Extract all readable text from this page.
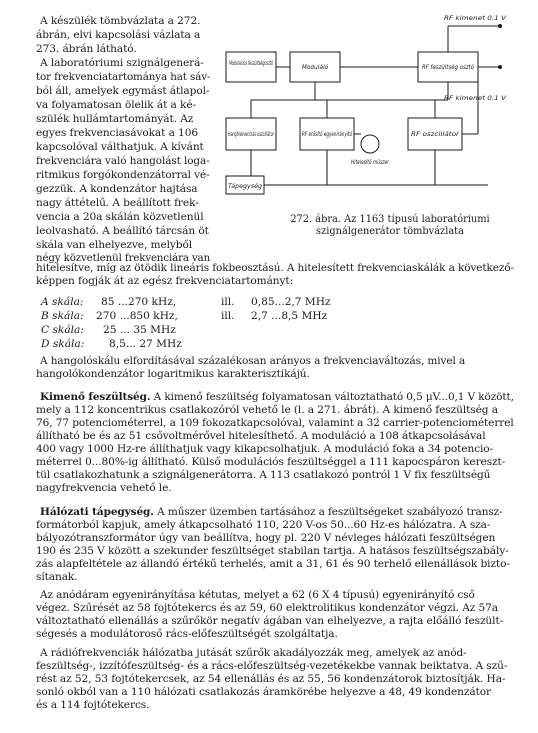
A készülék tömbvázlata a 272.
ábrán, elvi kapcsolási vázlata a
273. ábrán látható.
A laboratóriumi szignálgenerá-
tor frekvenciatartománya hat sáv-
ból áll, amelyek egymást átlapol-
va folyamatosan ölelik át a ké-
szülék hullámtartományát. Az
egyes frekvenciasávokat a 106
kapcsolóval válthatjuk. A kívánt
frekvenciára való hangolást loga-
ritmikus forgókondenzátorral vé-
gezzük. A kondenzátor hajtása
nagy áttételű. A beállított frek-
vencia a 20a skálán közvetlenül
leolvasható. A beállító tárcsán öt
skála van elhelyezve, melyből
négy közvetlenül frekvenciára van
Modulációs feszültségosztó
Moduláló	RF feszültség osztó
Hangfrekvenciás oszcillátor
RF erősítő egyenirányító	RF oszcillátor
Tápegység
Hitelesítő műszer
RF kimenet 0.1 V
RF kimenet 0.1 V
272. ábra. Az 1163 típusú laboratóriumi szignálgenerátor tömbvázlata
hitelesítve, míg az ötödik lineáris fokbeosztású. A hitelesített frekvenciaskálák a következő-
képpen fogják át az egész frekvenciatartományt:
A skála: 85 ...270 kHz,	ill. 0,85...2,7 MHz
B skála: 270 ...850 kHz,	ill. 2,7 ...8,5 MHz
C skála: 25 ... 35 MHz
D skála: 8,5... 27 MHz
A hangolóskálu elfordításával százalékosan arányos a frekvenciaváltozás, mivel a
hangolókondenzátor logaritmikus karakterisztikájú.
Kimenő feszültség. A kimenő feszültség folyamatosan változtatható 0,5 μV...0,1 V között,
mely a 112 koncentrikus csatlakozóról vehető le (l. a 271. ábrát). A kimenő feszültség a
76, 77 potenciométerrel, a 109 fokozatkapcsolóval, valamint a 32 carrier-potenciométerrel
állítható be és az 51 csővoltmérővel hitelesíthető. A moduláció a 108 átkapcsolásával
400 vagy 1000 Hz-re állíthatjuk vagy kikapcsolhatjuk. A moduláció foka a 34 potencio-
méterrel 0...80%-ig állítható. Külső modulációs feszültséggel a 111 kapocspáron kereszt-
tül csatlakozhatunk a szignálgenerátorra. A 113 csatlakozó pontról 1 V fix feszültségű
nagyfrekvencia vehető le.
Hálózati tápegység. A műszer üzemben tartásához a feszültségeket szabályozó transz-
formátorból kapjuk, amely átkapcsolható 110, 220 V-os 50...60 Hz-es hálózatra. A sza-
bályozótranszformátor úgy van beállítva, hogy pl. 220 V névleges hálózati feszültségen
190 és 235 V között a szekunder feszültséget stabilan tartja. A hatásos feszültségszabály-
zás alapfeltétele az állandó értékű terhelés, amit a 31, 61 és 90 terhelő ellenállások bizto-
sítanak.
Az anódáram egyenirányítása kétutas, melyet a 62 (6 X 4 típusú) egyenirányító cső
végez. Szűrését az 58 fojtótekercs és az 59, 60 elektrolitikus kondenzátor végzi. Az 57a
változtatható ellenállás a szűrőkör negatív ágában van elhelyezve, a rajta előálló feszült-
ségesés a modulátoroső rács-előfeszültségét szolgáltatja.
A rádiófrekvenciák hálózatba jutását szűrők akadályozzák meg, amelyek az anód-
feszültség-, izzítófeszültség- és a rács-előfeszültség-vezetékekbe vannak beiktatva. A szű-
rést az 52, 53 fojtótekercsek, az 54 ellenállás és az 55, 56 kondenzátorok biztosítják. Ha-
sonló okból van a 110 hálózati csatlakozás áramkörébe helyezve a 48, 49 kondenzátor
és a 114 fojtótekercs.
